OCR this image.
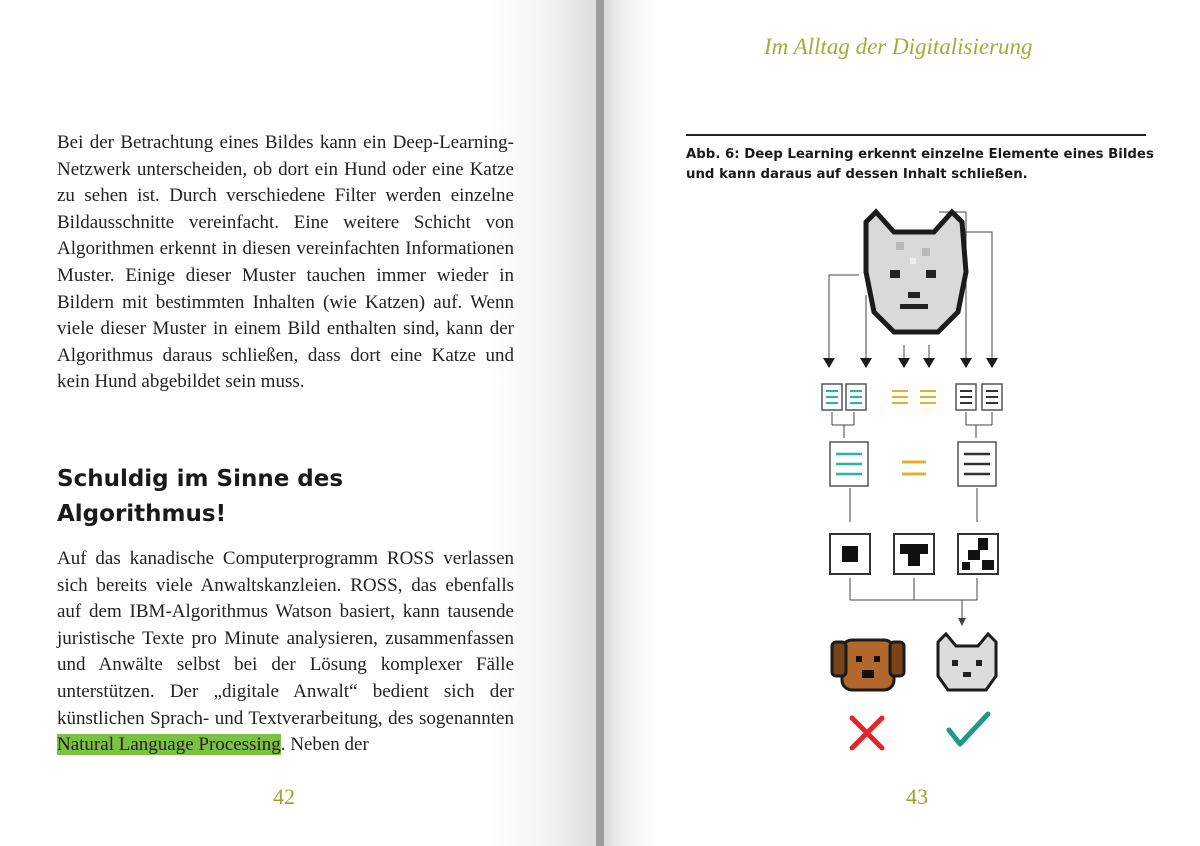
Bei der Betrachtung eines Bildes kann ein Deep-Learning-Netzwerk unterscheiden, ob dort ein Hund oder eine Katze zu sehen ist. Durch verschiedene Filter werden einzelne Bildausschnitte vereinfacht. Eine weitere Schicht von Algorithmen erkennt in diesen vereinfachten Informationen Muster. Einige dieser Muster tauchen immer wieder in Bildern mit bestimmten Inhalten (wie Katzen) auf. Wenn viele dieser Muster in einem Bild enthalten sind, kann der Algorithmus daraus schließen, dass dort eine Katze und kein Hund abgebildet sein muss.

Schuldig im Sinne des Algorithmus!

Auf das kanadische Computerprogramm ROSS verlassen sich bereits viele Anwaltskanzleien. ROSS, das ebenfalls auf dem IBM-Algorithmus Watson basiert, kann tausende juristische Texte pro Minute analysieren, zusammenfassen und Anwälte selbst bei der Lösung komplexer Fälle unterstützen. Der „digitale Anwalt“ bedient sich der künstlichen Sprach- und Textverarbeitung, des sogenannten Natural Language Processing. Neben der

42
Im Alltag der Digitalisierung

Abb. 6: Deep Learning erkennt einzelne Elemente eines Bildes und kann daraus auf dessen Inhalt schließen.

43
